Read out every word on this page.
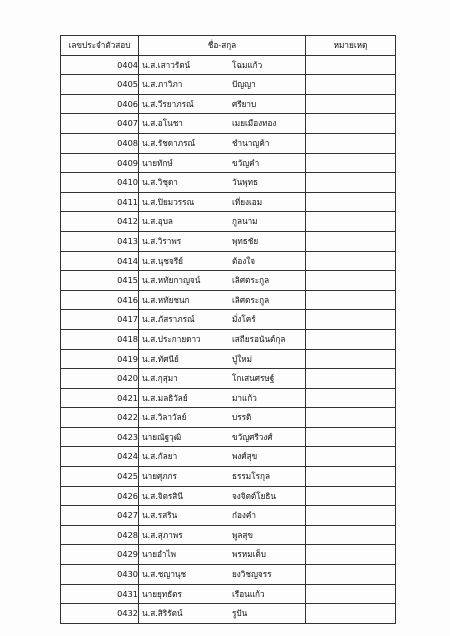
เลขประจำตัวสอบ	ชื่อ-สกุล	หมายเหตุ
0404	น.ส.เสาวรัตน์ โฉมแก้ว	

0405	น.ส.ภาวิภา ปัญญา	

0406	น.ส.วีรยาภรณ์ ศรียาบ	

0407	น.ส.อโนชา เมยเมืองทอง	

0408	น.ส.รัชดาภรณ์ ชำนาญค้า	

0409	นายทักษ์ ขวัญคำ	

0410	น.ส.วิชุดา วันพุทธ	

0411	น.ส.ปิยมวรรณ เที่ยงเอม	

0412	น.ส.อุบล กูลนาม	

0413	น.ส.วิราพร พุทธชัย	

0414	น.ส.นุชจรีย์ ต้องใจ	

0415	น.ส.หทัยกาญจน์ เลิศตระกูล	

0416	น.ส.หทัยชนก เลิศตระกูล	

0417	น.ส.ภัสราภรณ์ มั่งโคร์	

0418	น.ส.ประกายดาว เสถียรอนันต์กุล	

0419	น.ส.ทัศนีย์ ปู่ใหม่	

0420	น.ส.กุสุมา โกเสนศรษฐ์	

0421	น.ส.มลธิวัลย์ มาแก้ว	

0422	น.ส.วิลาวัลย์ บรรดิ	

0423	นายณัฐวุฒิ ขวัญศรีวงศ์	

0424	น.ส.กัลยา พงศ์สุข	

0425	นายศุภกร ธรรมโรกุล	

0426	น.ส.จิตรสินี จงจิตต์โยธิน	

0427	น.ส.รสริน ก๋องคำ	

0428	น.ส.สุภาพร พูลสุข	

0429	นายอำไพ พรหมเต็บ	

0430	น.ส.ชญานุช ยงวิชญจรร	

0431	นายยุทธัตร เรือนแก้ว	

0432	น.ส.สิริรัตน์ รูปัน	
